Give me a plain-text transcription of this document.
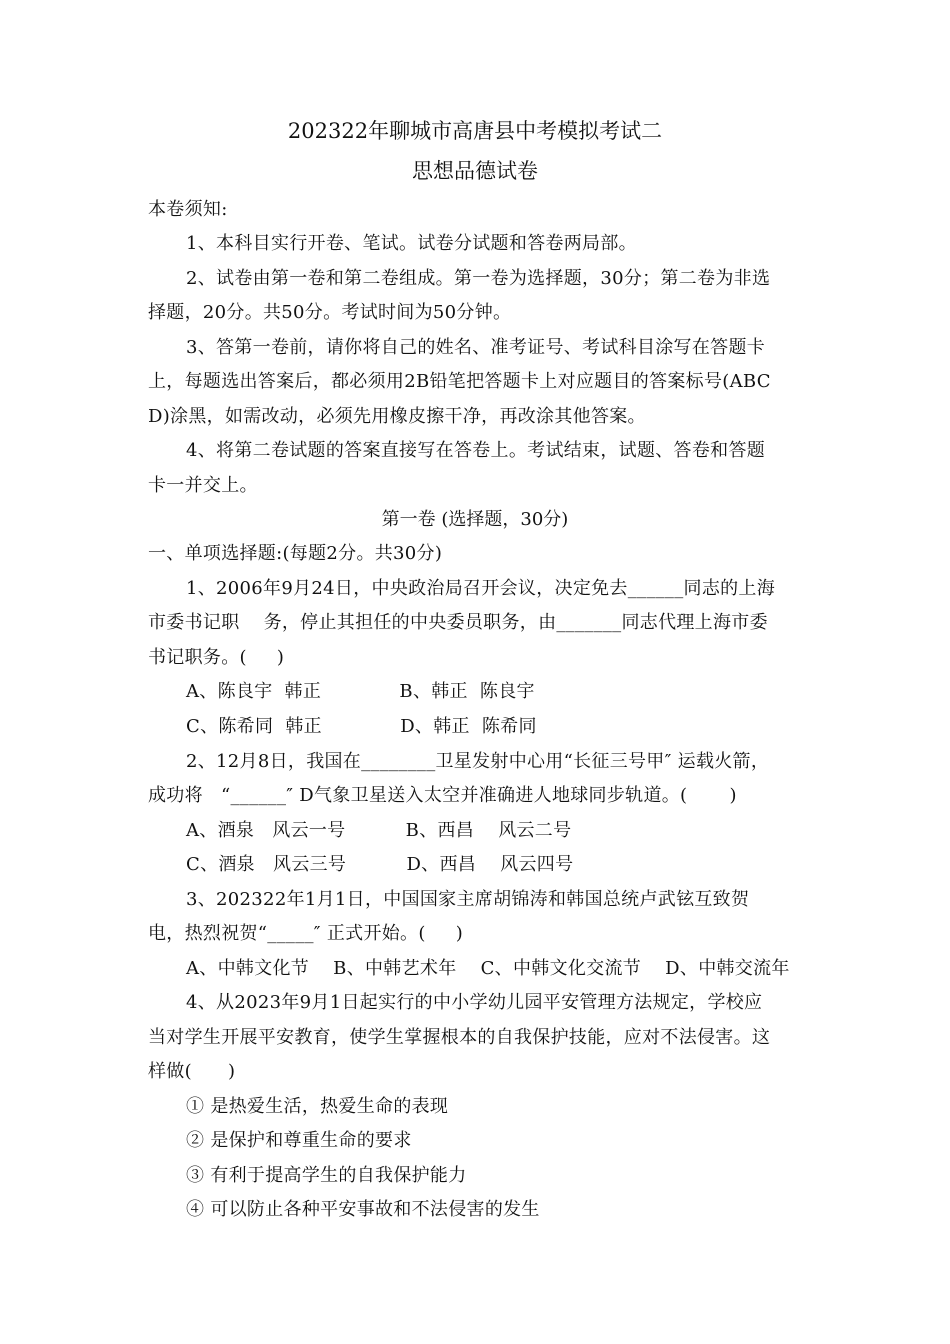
202322年聊城市高唐县中考模拟考试二
思想品德试卷
本卷须知:
1、本科目实行开卷、笔试。试卷分试题和答卷两局部。
2、试卷由第一卷和第二卷组成。第一卷为选择题，30分；第二卷为非选
择题，20分。共50分。考试时间为50分钟。
3、答第一卷前，请你将自己的姓名、准考证号、考试科目涂写在答题卡
上，每题选出答案后，都必须用2B铅笔把答题卡上对应题目的答案标号(ABC
D)涂黑，如需改动，必须先用橡皮擦干净，再改涂其他答案。
4、将第二卷试题的答案直接写在答卷上。考试结束，试题、答卷和答题
卡一并交上。
第一卷 (选择题，30分)
一、单项选择题:(每题2分。共30分)
1、2006年9月24日，中央政治局召开会议，决定免去______同志的上海
市委书记职    务，停止其担任的中央委员职务，由_______同志代理上海市委
书记职务。(     )
A、陈良宇  韩正             B、韩正  陈良宇
C、陈希同  韩正             D、韩正  陈希同
2、12月8日，我国在________卫星发射中心用“长征三号甲″ 运载火箭，
成功将   “______″ D气象卫星送入太空并准确进人地球同步轨道。(       )
A、酒泉   风云一号          B、西昌    风云二号
C、酒泉   风云三号          D、西昌    风云四号
3、202322年1月1日，中国国家主席胡锦涛和韩国总统卢武铉互致贺
电，热烈祝贺“_____″ 正式开始。(     )
A、中韩文化节    B、中韩艺术年    C、中韩文化交流节    D、中韩交流年
4、从2023年9月1日起实行的中小学幼儿园平安管理方法规定，学校应
当对学生开展平安教育，使学生掌握根本的自我保护技能，应对不法侵害。这
样做(      )
① 是热爱生活，热爱生命的表现
② 是保护和尊重生命的要求
③ 有利于提高学生的自我保护能力
④ 可以防止各种平安事故和不法侵害的发生
